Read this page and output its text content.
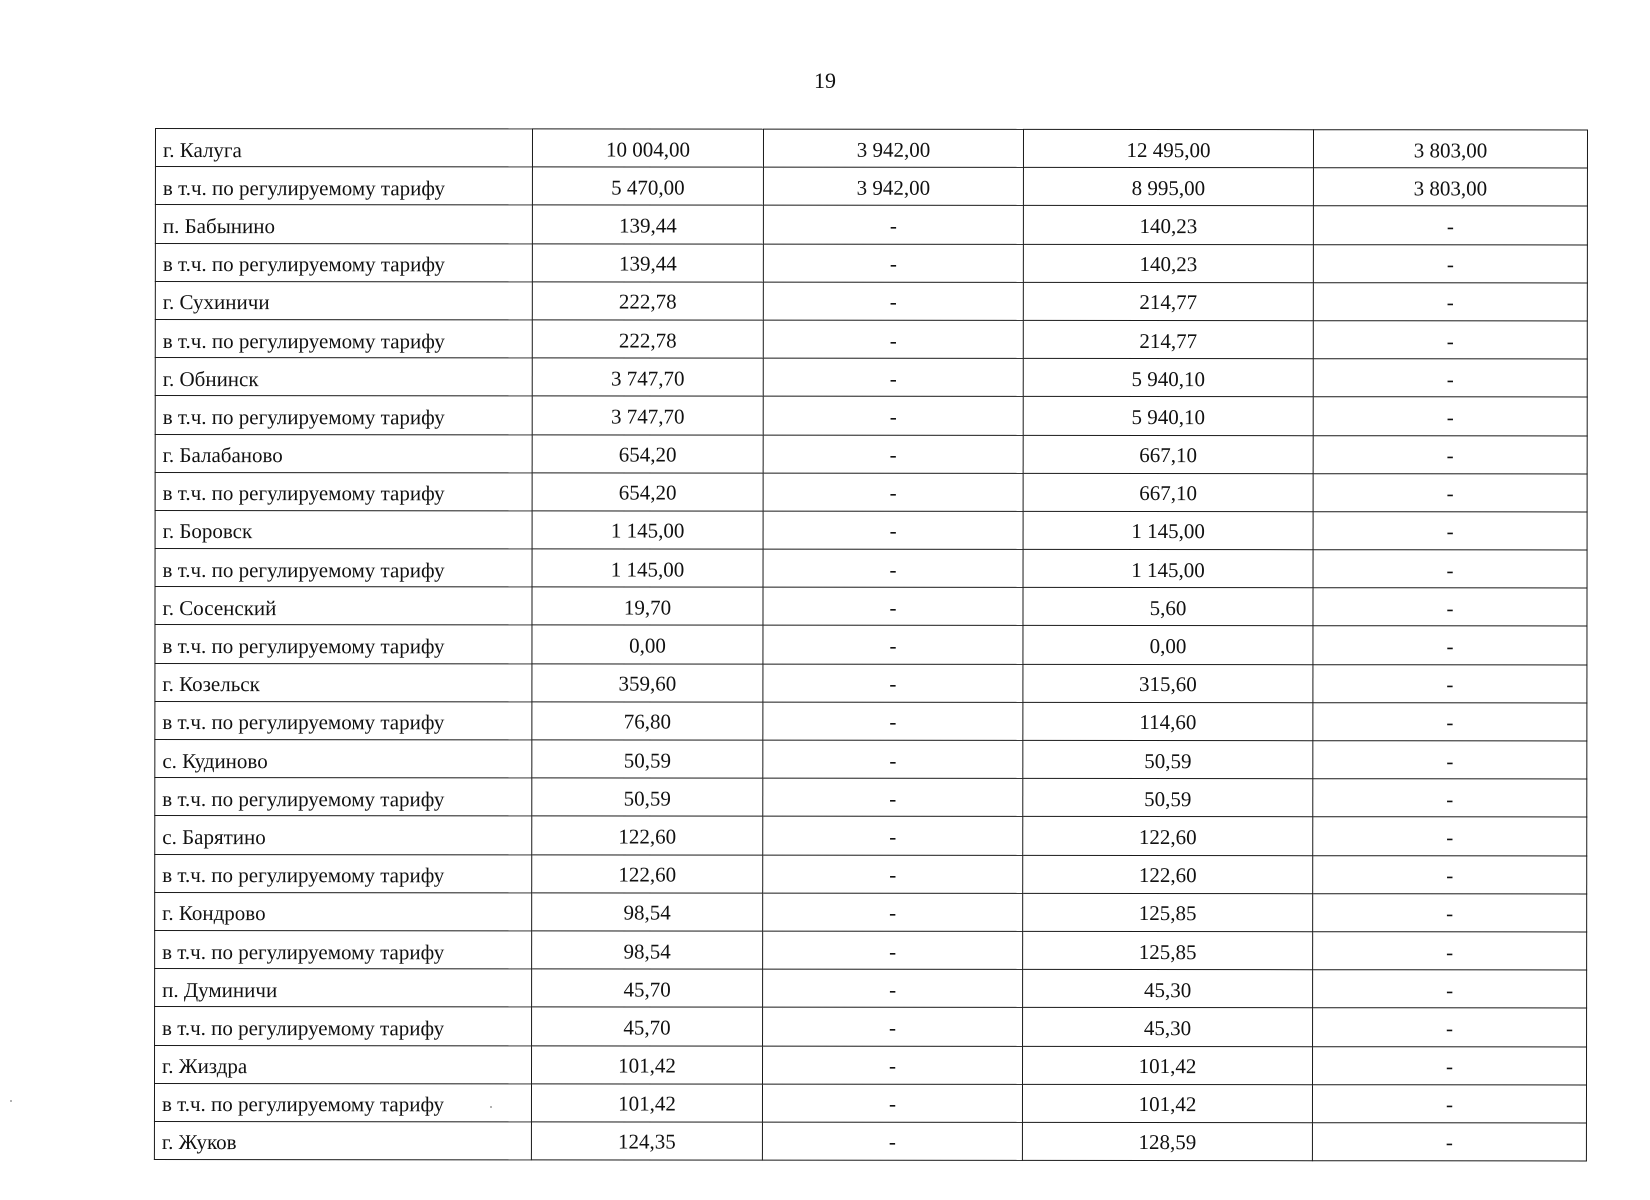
19
г. Калуга	10 004,00	3 942,00	12 495,00	3 803,00
в т.ч. по регулируемому тарифу	5 470,00	3 942,00	8 995,00	3 803,00
п. Бабынино	139,44	-	140,23	-
в т.ч. по регулируемому тарифу	139,44	-	140,23	-
г. Сухиничи	222,78	-	214,77	-
в т.ч. по регулируемому тарифу	222,78	-	214,77	-
г. Обнинск	3 747,70	-	5 940,10	-
в т.ч. по регулируемому тарифу	3 747,70	-	5 940,10	-
г. Балабаново	654,20	-	667,10	-
в т.ч. по регулируемому тарифу	654,20	-	667,10	-
г. Боровск	1 145,00	-	1 145,00	-
в т.ч. по регулируемому тарифу	1 145,00	-	1 145,00	-
г. Сосенский	19,70	-	5,60	-
в т.ч. по регулируемому тарифу	0,00	-	0,00	-
г. Козельск	359,60	-	315,60	-
в т.ч. по регулируемому тарифу	76,80	-	114,60	-
с. Кудиново	50,59	-	50,59	-
в т.ч. по регулируемому тарифу	50,59	-	50,59	-
с. Барятино	122,60	-	122,60	-
в т.ч. по регулируемому тарифу	122,60	-	122,60	-
г. Кондрово	98,54	-	125,85	-
в т.ч. по регулируемому тарифу	98,54	-	125,85	-
п. Думиничи	45,70	-	45,30	-
в т.ч. по регулируемому тарифу	45,70	-	45,30	-
г. Жиздра	101,42	-	101,42	-
в т.ч. по регулируемому тарифу	101,42	-	101,42	-
г. Жуков	124,35	-	128,59	-
